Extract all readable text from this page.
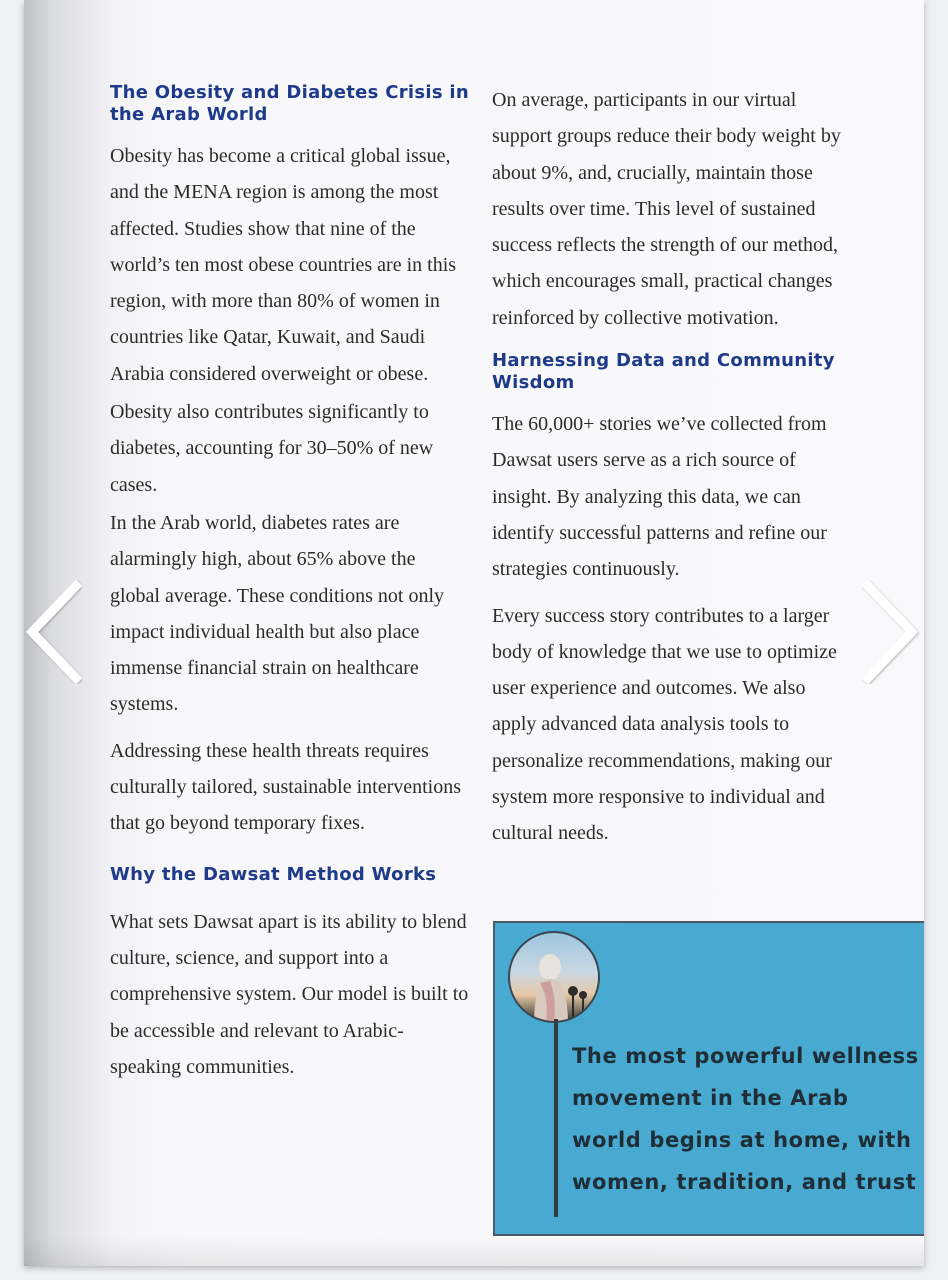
The Obesity and Diabetes Crisis in the Arab World

Obesity has become a critical global issue, and the MENA region is among the most affected. Studies show that nine of the world’s ten most obese countries are in this region, with more than 80% of women in countries like Qatar, Kuwait, and Saudi Arabia considered overweight or obese.

Obesity also contributes significantly to diabetes, accounting for 30–50% of new cases.

In the Arab world, diabetes rates are alarmingly high, about 65% above the global average. These conditions not only impact individual health but also place immense financial strain on healthcare systems.

Addressing these health threats requires culturally tailored, sustainable interventions that go beyond temporary fixes.

Why the Dawsat Method Works

What sets Dawsat apart is its ability to blend culture, science, and support into a comprehensive system. Our model is built to be accessible and relevant to Arabic-speaking communities.

On average, participants in our virtual support groups reduce their body weight by about 9%, and, crucially, maintain those results over time. This level of sustained success reflects the strength of our method, which encourages small, practical changes reinforced by collective motivation.

Harnessing Data and Community Wisdom

The 60,000+ stories we’ve collected from Dawsat users serve as a rich source of insight. By analyzing this data, we can identify successful patterns and refine our strategies continuously.

Every success story contributes to a larger body of knowledge that we use to optimize user experience and outcomes. We also apply advanced data analysis tools to personalize recommendations, making our system more responsive to individual and cultural needs.

The most powerful wellness movement in the Arab world begins at home, with women, tradition, and trust
